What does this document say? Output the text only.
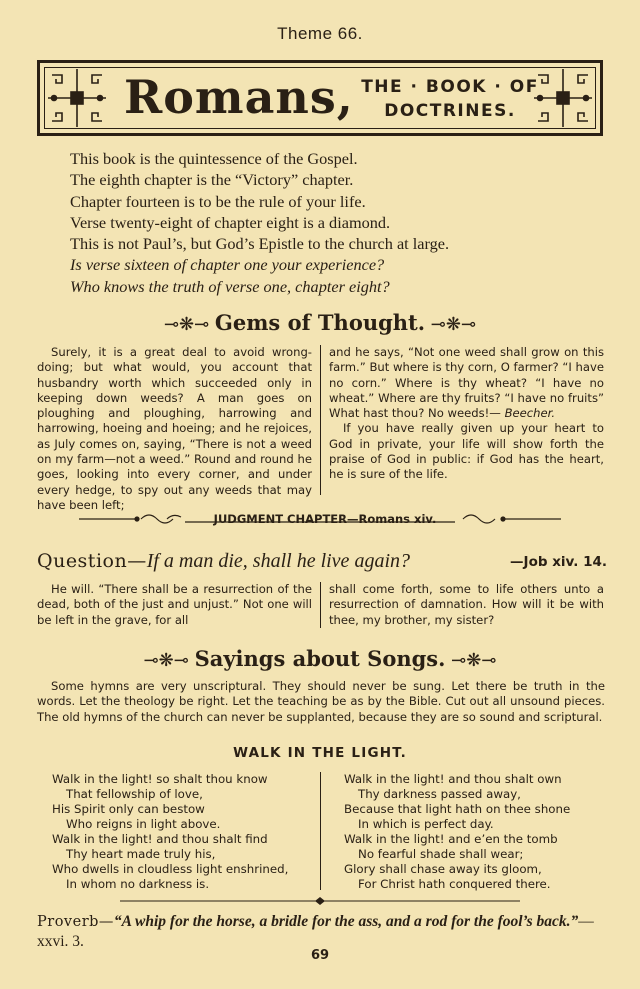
Theme 66.
Romans, THE · BOOK · OF
DOCTRINES.
This book is the quintessence of the Gospel.
The eighth chapter is the “Victory” chapter.
Chapter fourteen is to be the rule of your life.
Verse twenty-eight of chapter eight is a diamond.
This is not Paul’s, but God’s Epistle to the church at large.
Is verse sixteen of chapter one your experience?
Who knows the truth of verse one, chapter eight?
⊸❋⊸ Gems of Thought. ⊸❋⊸

Surely, it is a great deal to avoid wrong-doing; but what would‚ you account that husbandry worth which succeeded only in keeping down weeds? A man goes on ploughing and ploughing, harrowing and harrowing, hoeing and hoeing; and he rejoices, as July comes on, saying, “There is not a weed on my farm—not a weed.” Round and round he goes, looking into every corner, and under every hedge, to spy out any weeds that may have been left;

and he says, “Not one weed shall grow on this farm.” But where is thy corn, O farmer? “I have no corn.” Where is thy wheat? “I have no wheat.” Where are thy fruits? “I have no fruits” What hast thou? No weeds!— Beecher.

If you have really given up your heart to God in private, your life will show forth the praise of God in public: if God has the heart, he is sure of the life.

JUDGMENT CHAPTER—Romans xiv.
Question—If a man die, shall he live again?	—Job xiv. 14.

He will. “There shall be a resurrection of the dead, both of the just and unjust.” Not one will be left in the grave, for all

shall come forth, some to life others unto a resurrection of damnation. How will it be with thee, my brother, my sister?

⊸❋⊸ Sayings about Songs. ⊸❋⊸
Some hymns are very unscriptural. They should never be sung. Let there be truth in the words. Let the theology be right. Let the teaching be as by the Bible. Cut out all unsound pieces. The old hymns of the church can never be supplanted, because they are so sound and scriptural.
WALK IN THE LIGHT.
Walk in the light! so shalt thou know
That fellowship of love,
His Spirit only can bestow
Who reigns in light above.
Walk in the light! and thou shalt find
Thy heart made truly his,
Who dwells in cloudless light enshrined,
In whom no darkness is.
Walk in the light! and thou shalt own
Thy darkness passed away,
Because that light hath on thee shone
In which is perfect day.
Walk in the light! and e’en the tomb
No fearful shade shall wear;
Glory shall chase away its gloom,
For Christ hath conquered there.
Proverb—“A whip for the horse, a bridle for the ass, and a rod for the fool’s back.”—xxvi. 3.
69
